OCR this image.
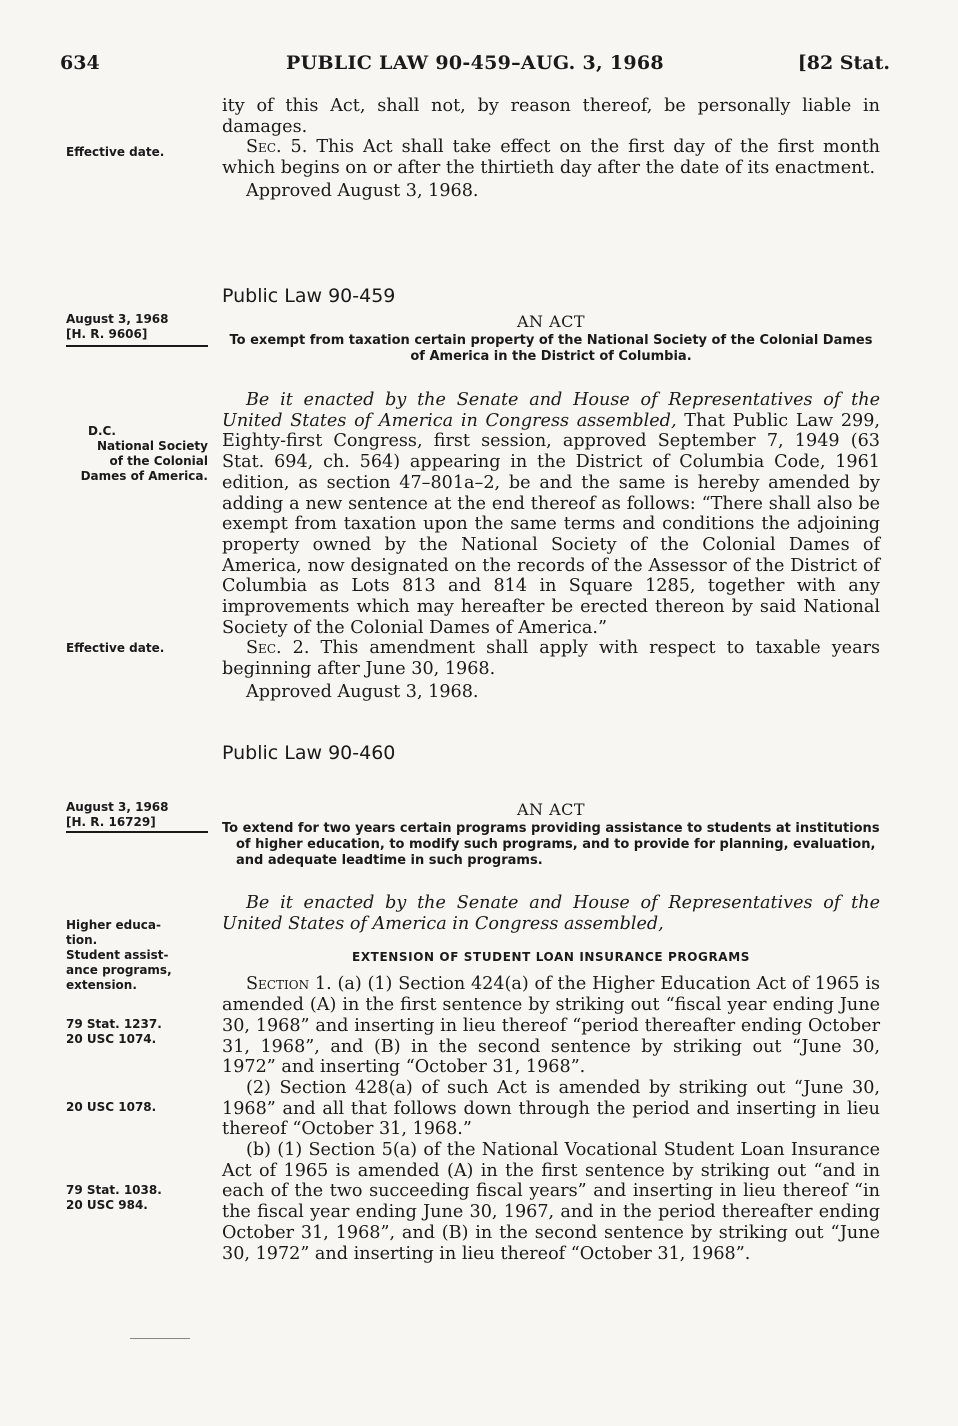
634	PUBLIC LAW 90-459–AUG. 3, 1968	[82 Stat.
Effective date.

ity of this Act, shall not, by reason thereof, be personally liable in damages.

Sec. 5. This Act shall take effect on the first day of the first month which begins on or after the thirtieth day after the date of its enactment.

Approved August 3, 1968.

Public Law 90-459
August 3, 1968
[H. R. 9606]
AN ACT
To exempt from taxation certain property of the National Society of the Colonial Dames of America in the District of Columbia.
D.C.
National Society
of the Colonial
Dames of America.

Be it enacted by the Senate and House of Representatives of the United States of America in Congress assembled, That Public Law 299, Eighty-first Congress, first session, approved September 7, 1949 (63 Stat. 694, ch. 564) appearing in the District of Columbia Code, 1961 edition, as section 47–801a–2, be and the same is hereby amended by adding a new sentence at the end thereof as follows: “There shall also be exempt from taxation upon the same terms and conditions the adjoining property owned by the National Society of the Colonial Dames of America, now designated on the records of the Assessor of the District of Columbia as Lots 813 and 814 in Square 1285, together with any improvements which may hereafter be erected thereon by said National Society of the Colonial Dames of America.”

Sec. 2. This amendment shall apply with respect to taxable years beginning after June 30, 1968.

Approved August 3, 1968.

Effective date.
Public Law 90-460
August 3, 1968
[H. R. 16729]
AN ACT
To extend for two years certain programs providing assistance to students at institutions of higher education, to modify such programs, and to provide for planning, evaluation, and adequate leadtime in such programs.
Higher educa-
tion.
Student assist-
ance programs,
extension.

Be it enacted by the Senate and House of Representatives of the United States of America in Congress assembled,

EXTENSION OF STUDENT LOAN INSURANCE PROGRAMS

Section 1. (a) (1) Section 424(a) of the Higher Education Act of 1965 is amended (A) in the first sentence by striking out “fiscal year ending June 30, 1968” and inserting in lieu thereof “period thereafter ending October 31, 1968”, and (B) in the second sentence by striking out “June 30, 1972” and inserting “October 31, 1968”.

(2) Section 428(a) of such Act is amended by striking out “June 30, 1968” and all that follows down through the period and inserting in lieu thereof “October 31, 1968.”

(b) (1) Section 5(a) of the National Vocational Student Loan Insurance Act of 1965 is amended (A) in the first sentence by striking out “and in each of the two succeeding fiscal years” and inserting in lieu thereof “in the fiscal year ending June 30, 1967, and in the period thereafter ending October 31, 1968”, and (B) in the second sentence by striking out “June 30, 1972” and inserting in lieu thereof “October 31, 1968”.

79 Stat. 1237.
20 USC 1074.
20 USC 1078.
79 Stat. 1038.
20 USC 984.
